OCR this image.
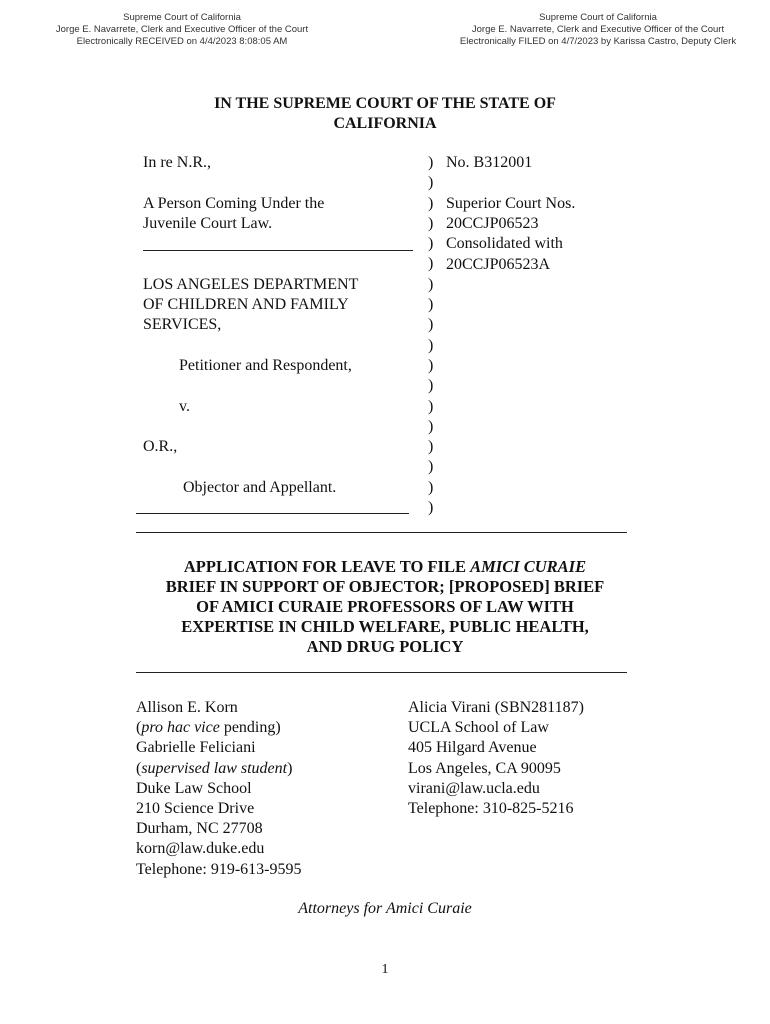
Supreme Court of California
Jorge E. Navarrete, Clerk and Executive Officer of the Court
Electronically RECEIVED on 4/4/2023 8:08:05 AM
Supreme Court of California
Jorge E. Navarrete, Clerk and Executive Officer of the Court
Electronically FILED on 4/7/2023 by Karissa Castro, Deputy Clerk
IN THE SUPREME COURT OF THE STATE OF
CALIFORNIA
In re N.R.,
A Person Coming Under the
Juvenile Court Law.
LOS ANGELES DEPARTMENT
OF CHILDREN AND FAMILY
SERVICES,
Petitioner and Respondent,
v.
O.R.,
Objector and Appellant.
)
)
)
)
)
)
)
)
)
)
)
)
)
)
)
)
)
)
No. B312001
Superior Court Nos.
20CCJP06523
Consolidated with
20CCJP06523A
APPLICATION FOR LEAVE TO FILE AMICI CURAIE
BRIEF IN SUPPORT OF OBJECTOR; [PROPOSED] BRIEF
OF AMICI CURAIE PROFESSORS OF LAW WITH
EXPERTISE IN CHILD WELFARE, PUBLIC HEALTH,
AND DRUG POLICY
Allison E. Korn
(pro hac vice pending)
Gabrielle Feliciani
(supervised law student)
Duke Law School
210 Science Drive
Durham, NC 27708
korn@law.duke.edu
Telephone: 919-613-9595
Alicia Virani (SBN281187)
UCLA School of Law
405 Hilgard Avenue
Los Angeles, CA 90095
virani@law.ucla.edu
Telephone: 310-825-5216
Attorneys for Amici Curaie
1
